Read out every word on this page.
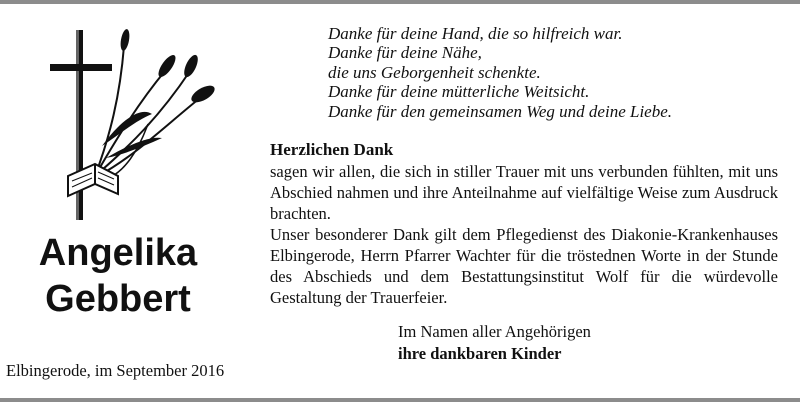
Danke für deine Hand, die so hilfreich war.
Danke für deine Nähe,
die uns Geborgenheit schenkte.
Danke für deine mütterliche Weitsicht.
Danke für den gemeinsamen Weg und deine Liebe.
Herzlichen Dank

sagen wir allen, die sich in stiller Trauer mit uns verbunden fühlten, mit uns Abschied nahmen und ihre Anteilnahme auf vielfältige Weise zum Ausdruck brachten.

Unser besonderer Dank gilt dem Pflegedienst des Diakonie-Krankenhauses Elbingerode, Herrn Pfarrer Wachter für die tröstednen Worte in der Stunde des Abschieds und dem Bestattungsinstitut Wolf für die würdevolle Gestaltung der Trauerfeier.

Angelika
Gebbert
Im Namen aller Angehörigen
ihre dankbaren Kinder
Elbingerode, im September 2016
